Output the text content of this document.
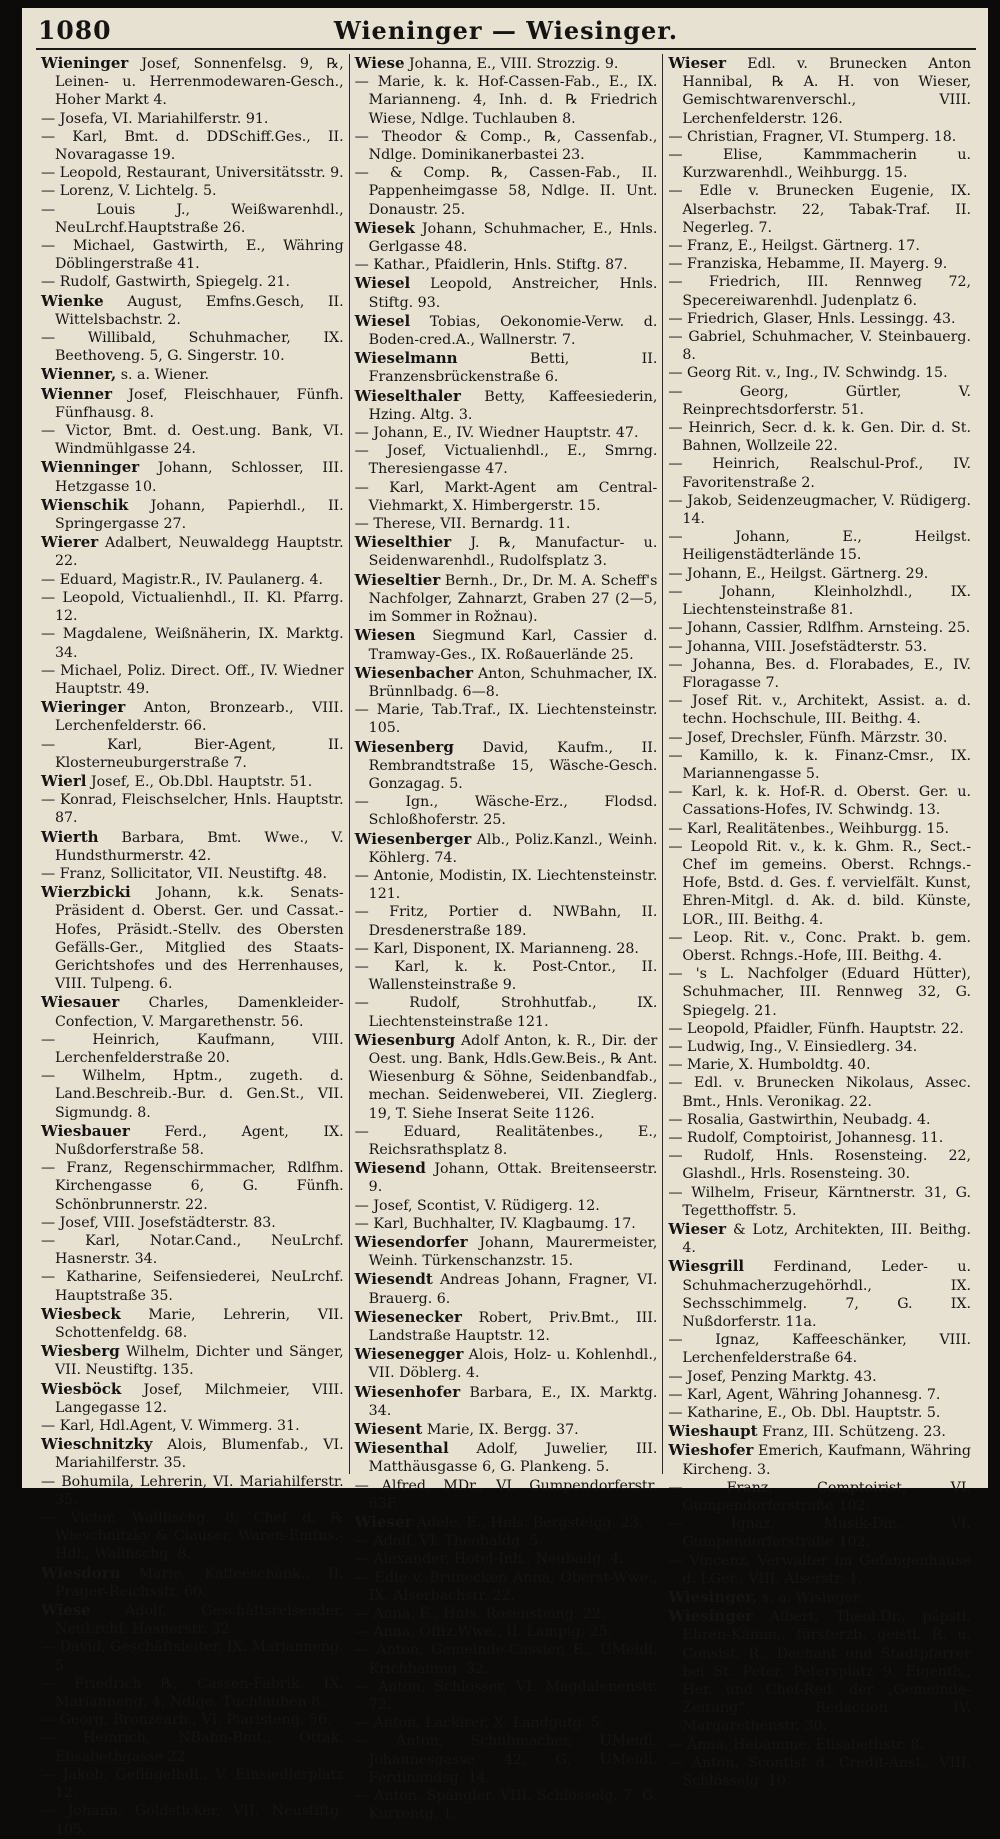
1080	Wieninger — Wiesinger.
Wieninger Josef, Sonnenfelsg. 9, ℞, Leinen- u. Herrenmodewaren-Gesch., Hoher Markt 4.
— Josefa, VI. Mariahilferstr. 91.
— Karl, Bmt. d. DDSchiff.Ges., II. Novaragasse 19.
— Leopold, Restaurant, Universitätsstr. 9.
— Lorenz, V. Lichtelg. 5.
— Louis J., Weißwarenhdl., NeuLrchf.Hauptstraße 26.
— Michael, Gastwirth, E., Währing Döblingerstraße 41.
— Rudolf, Gastwirth, Spiegelg. 21.
Wienke August, Emfns.Gesch, II. Wittelsbachstr. 2.
— Willibald, Schuhmacher, IX. Beethoveng. 5, G. Singerstr. 10.
Wienner, s. a. Wiener.
Wienner Josef, Fleischhauer, Fünfh. Fünfhausg. 8.
— Victor, Bmt. d. Oest.ung. Bank, VI. Windmühlgasse 24.
Wienninger Johann, Schlosser, III. Hetzgasse 10.
Wienschik Johann, Papierhdl., II. Springergasse 27.
Wierer Adalbert, Neuwaldegg Hauptstr. 22.
— Eduard, Magistr.R., IV. Paulanerg. 4.
— Leopold, Victualienhdl., II. Kl. Pfarrg. 12.
— Magdalene, Weißnäherin, IX. Marktg. 34.
— Michael, Poliz. Direct. Off., IV. Wiedner Hauptstr. 49.
Wieringer Anton, Bronzearb., VIII. Lerchenfelderstr. 66.
— Karl, Bier-Agent, II. Klosterneuburgerstraße 7.
Wierl Josef, E., Ob.Dbl. Hauptstr. 51.
— Konrad, Fleischselcher, Hnls. Hauptstr. 87.
Wierth Barbara, Bmt. Wwe., V. Hundsthurmerstr. 42.
— Franz, Sollicitator, VII. Neustiftg. 48.
Wierzbicki Johann, k.k. Senats-Präsident d. Oberst. Ger. und Cassat.-Hofes, Präsidt.-Stellv. des Obersten Gefälls-Ger., Mitglied des Staats-Gerichtshofes und des Herrenhauses, VIII. Tulpeng. 6.
Wiesauer Charles, Damenkleider-Confection, V. Margarethenstr. 56.
— Heinrich, Kaufmann, VIII. Lerchenfelderstraße 20.
— Wilhelm, Hptm., zugeth. d. Land.Beschreib.-Bur. d. Gen.St., VII. Sigmundg. 8.
Wiesbauer Ferd., Agent, IX. Nußdorferstraße 58.
— Franz, Regenschirmmacher, Rdlfhm. Kirchengasse 6, G. Fünfh. Schönbrunnerstr. 22.
— Josef, VIII. Josefstädterstr. 83.
— Karl, Notar.Cand., NeuLrchf. Hasnerstr. 34.
— Katharine, Seifensiederei, NeuLrchf. Hauptstraße 35.
Wiesbeck Marie, Lehrerin, VII. Schottenfeldg. 68.
Wiesberg Wilhelm, Dichter und Sänger, VII. Neustiftg. 135.
Wiesböck Josef, Milchmeier, VIII. Langegasse 12.
— Karl, Hdl.Agent, V. Wimmerg. 31.
Wieschnitzky Alois, Blumenfab., VI. Mariahilferstr. 35.
— Bohumila, Lehrerin, VI. Mariahilferstr. 35.
— Victor, Wallfischg. 8, Chef d. ℞ Wieschnitzky & Clauser, Waren-Emfns.-Hdl., Wallfischg. 8.
Wiesdorn Marie, Kaffeeschänk., II. Prager-Reichsstr. 60.
Wiese Adolf, Geschäftsreisender, NeuLrchf. Hasnerstr. 32.
— David, Geschäftsleiter, IX. Marianneng. 5.
— Friedrich ℞, Cassen-Fabrik, IX. Marianneng. 4, Ndlge. Tuchlauben 8.
— Georg, Bronzearb., VI. Piaristeng. 56.
— Heinrich, NBahn-Bmt., Ottak. Elisabethgasse 22.
— Jakob, Geflügelhdl., V. Einsiedlerplatz 12.
— Johann, Goldsticker, VII. Neustiftg. 105.
Wiese Johanna, E., VIII. Strozzig. 9.
— Marie, k. k. Hof-Cassen-Fab., E., IX. Marianneng. 4, Inh. d. ℞ Friedrich Wiese, Ndlge. Tuchlauben 8.
— Theodor & Comp., ℞, Cassenfab., Ndlge. Dominikanerbastei 23.
— & Comp. ℞, Cassen-Fab., II. Pappenheimgasse 58, Ndlge. II. Unt. Donaustr. 25.
Wiesek Johann, Schuhmacher, E., Hnls. Gerlgasse 48.
— Kathar., Pfaidlerin, Hnls. Stiftg. 87.
Wiesel Leopold, Anstreicher, Hnls. Stiftg. 93.
Wiesel Tobias, Oekonomie-Verw. d. Boden-cred.A., Wallnerstr. 7.
Wieselmann	Betti, II. Franzensbrückenstraße 6.
Wieselthaler Betty, Kaffeesiederin, Hzing. Altg. 3.
— Johann, E., IV. Wiedner Hauptstr. 47.
— Josef, Victualienhdl., E., Smrng. Theresiengasse 47.
— Karl, Markt-Agent am Central-Viehmarkt, X. Himbergerstr. 15.
— Therese, VII. Bernardg. 11.
Wieselthier J. ℞, Manufactur- u. Seidenwarenhdl., Rudolfsplatz 3.
Wieseltier Bernh., Dr., Dr. M. A. Scheff's Nachfolger, Zahnarzt, Graben 27 (2—5, im Sommer in Rožnau).
Wiesen Siegmund Karl, Cassier d. Tramway-Ges., IX. Roßauerlände 25.
Wiesenbacher Anton, Schuhmacher, IX. Brünnlbadg. 6—8.
— Marie, Tab.Traf., IX. Liechtensteinstr. 105.
Wiesenberg David, Kaufm., II. Rembrandtstraße 15, Wäsche-Gesch. Gonzagag. 5.
— Ign., Wäsche-Erz., Flodsd. Schloßhoferstr. 25.
Wiesenberger Alb., Poliz.Kanzl., Weinh. Köhlerg. 74.
— Antonie, Modistin, IX. Liechtensteinstr. 121.
— Fritz, Portier d. NWBahn, II. Dresdenerstraße 189.
— Karl, Disponent, IX. Marianneng. 28.
— Karl, k. k. Post-Cntor., II. Wallensteinstraße 9.
— Rudolf, Strohhutfab., IX. Liechtensteinstraße 121.
Wiesenburg Adolf Anton, k. R., Dir. der Oest. ung. Bank, Hdls.Gew.Beis., ℞ Ant. Wiesenburg & Söhne, Seidenbandfab., mechan. Seidenweberei, VII. Zieglerg. 19, T. Siehe Inserat Seite 1126.
— Eduard, Realitätenbes., E., Reichsrathsplatz 8.
Wiesend Johann, Ottak. Breitenseerstr. 9.
— Josef, Scontist, V. Rüdigerg. 12.
— Karl, Buchhalter, IV. Klagbaumg. 17.
Wiesendorfer Johann, Maurermeister, Weinh. Türkenschanzstr. 15.
Wiesendt Andreas Johann, Fragner, VI. Brauerg. 6.
Wiesenecker Robert, Priv.Bmt., III. Landstraße Hauptstr. 12.
Wiesenegger Alois, Holz- u. Kohlenhdl., VII. Döblerg. 4.
Wiesenhofer Barbara, E., IX. Marktg. 34.
Wiesent Marie, IX. Bergg. 37.
Wiesenthal Adolf, Juwelier, III. Matthäusgasse 6, G. Plankeng. 5.
— Alfred, MDr., VI. Gumpendorferstr. 63F.
Wieser Adele, E., Hnls. Bergsteigg. 23.
— Adolf, VI. Theobaldg. 5.
— Alexander, Hotel-Inh., Neubadg. 4.
— Edle v. Brunecken Anna, Oberst-Wwe., IX. Alserbachstr. 22.
— Anna, E., Hnls. Rosensteing. 22.
— Anna, Offiz.Wwe., II. Lampig. 25.
— Anton, Gemeinde-Cassier, E., UMeidl. Krichbaumg. 32.
— Anton, Schlosser, VI. Magdalenenstr. 72.
— Anton, Lackirer, X. Landgutg. 5.
— Anton, Schuhmacher, UMeidl. Johannesgasse 42, G. UMeidl. Ferdinandsg. 14.
— Anton, Spängler, VIII. Schlösselg. 7, G. Kurrentg. 1.
Wieser Edl. v. Brunecken Anton Hannibal, ℞ A. H. von Wieser, Gemischtwarenverschl., VIII. Lerchenfelderstr. 126.
— Christian, Fragner, VI. Stumperg. 18.
— Elise, Kammmacherin u. Kurzwarenhdl., Weihburgg. 15.
— Edle v. Brunecken Eugenie, IX. Alserbachstr. 22, Tabak-Traf. II. Negerleg. 7.
— Franz, E., Heilgst. Gärtnerg. 17.
— Franziska, Hebamme, II. Mayerg. 9.
— Friedrich, III. Rennweg 72, Specereiwarenhdl. Judenplatz 6.
— Friedrich, Glaser, Hnls. Lessingg. 43.
— Gabriel, Schuhmacher, V. Steinbauerg. 8.
— Georg Rit. v., Ing., IV. Schwindg. 15.
— Georg, Gürtler, V. Reinprechtsdorferstr. 51.
— Heinrich, Secr. d. k. k. Gen. Dir. d. St. Bahnen, Wollzeile 22.
— Heinrich, Realschul-Prof., IV. Favoritenstraße 2.
— Jakob, Seidenzeugmacher, V. Rüdigerg. 14.
— Johann, E., Heilgst. Heiligenstädterlände 15.
— Johann, E., Heilgst. Gärtnerg. 29.
— Johann, Kleinholzhdl., IX. Liechtensteinstraße 81.
— Johann, Cassier, Rdlfhm. Arnsteing. 25.
— Johanna, VIII. Josefstädterstr. 53.
— Johanna, Bes. d. Florabades, E., IV. Floragasse 7.
— Josef Rit. v., Architekt, Assist. a. d. techn. Hochschule, III. Beithg. 4.
— Josef, Drechsler, Fünfh. Märzstr. 30.
— Kamillo, k. k. Finanz-Cmsr., IX. Mariannengasse 5.
— Karl, k. k. Hof-R. d. Oberst. Ger. u. Cassations-Hofes, IV. Schwindg. 13.
— Karl, Realitätenbes., Weihburgg. 15.
— Leopold Rit. v., k. k. Ghm. R., Sect.-Chef im gemeins. Oberst. Rchngs.-Hofe, Bstd. d. Ges. f. vervielfält. Kunst, Ehren-Mitgl. d. Ak. d. bild. Künste, LOR., III. Beithg. 4.
— Leop. Rit. v., Conc. Prakt. b. gem. Oberst. Rchngs.-Hofe, III. Beithg. 4.
— 's L. Nachfolger (Eduard Hütter), Schuhmacher, III. Rennweg 32, G. Spiegelg. 21.
— Leopold, Pfaidler, Fünfh. Hauptstr. 22.
— Ludwig, Ing., V. Einsiedlerg. 34.
— Marie, X. Humboldtg. 40.
— Edl. v. Brunecken Nikolaus, Assec. Bmt., Hnls. Veronikag. 22.
— Rosalia, Gastwirthin, Neubadg. 4.
— Rudolf, Comptoirist, Johannesg. 11.
— Rudolf, Hnls. Rosensteing. 22, Glashdl., Hrls. Rosensteing. 30.
— Wilhelm, Friseur, Kärntnerstr. 31, G. Tegetthoffstr. 5.
Wieser & Lotz, Architekten, III. Beithg. 4.
Wiesgrill Ferdinand, Leder- u. Schuhmacherzugehörhdl., IX. Sechsschimmelg. 7, G. IX. Nußdorferstr. 11a.
— Ignaz, Kaffeeschänker, VIII. Lerchenfelderstraße 64.
— Josef, Penzing Marktg. 43.
— Karl, Agent, Währing Johannesg. 7.
— Katharine, E., Ob. Dbl. Hauptstr. 5.
Wieshaupt Franz, III. Schützeng. 23.
Wieshofer Emerich, Kaufmann, Währing Kircheng. 3.
— Franz, Comptoirist, VI. Gumpendorferstraße 102.
— Ignaz, Musik-Dir., VI. Gumpendorferstraße 102.
— Vincenz, Verwalter im Gefangenhause d. LGer., VIII. Alserstr. 1.
Wiesinger, s. a. Wisinger.
Wiesinger Albert, Theol.Dr., päpstl. Ehren-Kämm., fürsterzb. geistl. R. u. Consist. R., Dechant und Stadtpfarrer bei St. Peter, Petersplatz 9, Eigenth., Her. und Chef-Red. der „Gemeinde-Zeitung“, Redaction IV. Margarethenstr. 30.
— Anna, Hebamme, Elisabethstr. 8.
— Anton, Scontist d. Credit-Anst., VIII. Schlösselg. 10.
